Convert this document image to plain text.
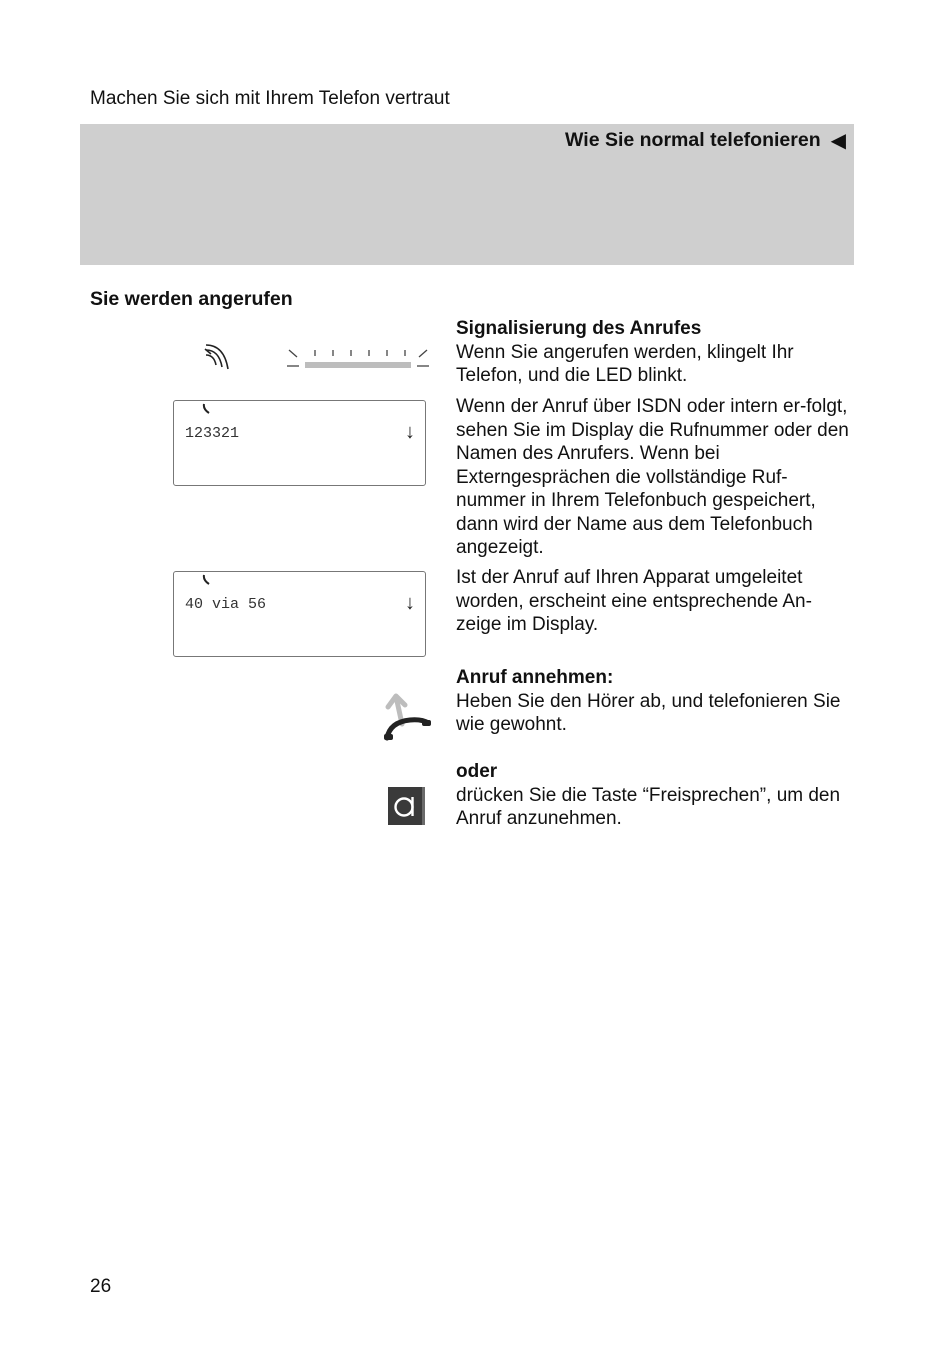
Machen Sie sich mit Ihrem Telefon vertraut
Wie Sie normal telefonieren ◀
Sie werden angerufen
123321	↓
40 via 56	↓
Signalisierung des Anrufes

Wenn Sie angerufen werden, klingelt Ihr Telefon, und die LED blinkt.

Wenn der Anruf über ISDN oder intern er-folgt, sehen Sie im Display die Rufnummer oder den Namen des Anrufers. Wenn bei Externgesprächen die vollständige Ruf-nummer in Ihrem Telefonbuch gespeichert, dann wird der Name aus dem Telefonbuch angezeigt.

Ist der Anruf auf Ihren Apparat umgeleitet worden, erscheint eine entsprechende An-zeige im Display.

Anruf annehmen:

Heben Sie den Hörer ab, und telefonieren Sie wie gewohnt.

oder

drücken Sie die Taste “Freisprechen”, um den Anruf anzunehmen.

26
